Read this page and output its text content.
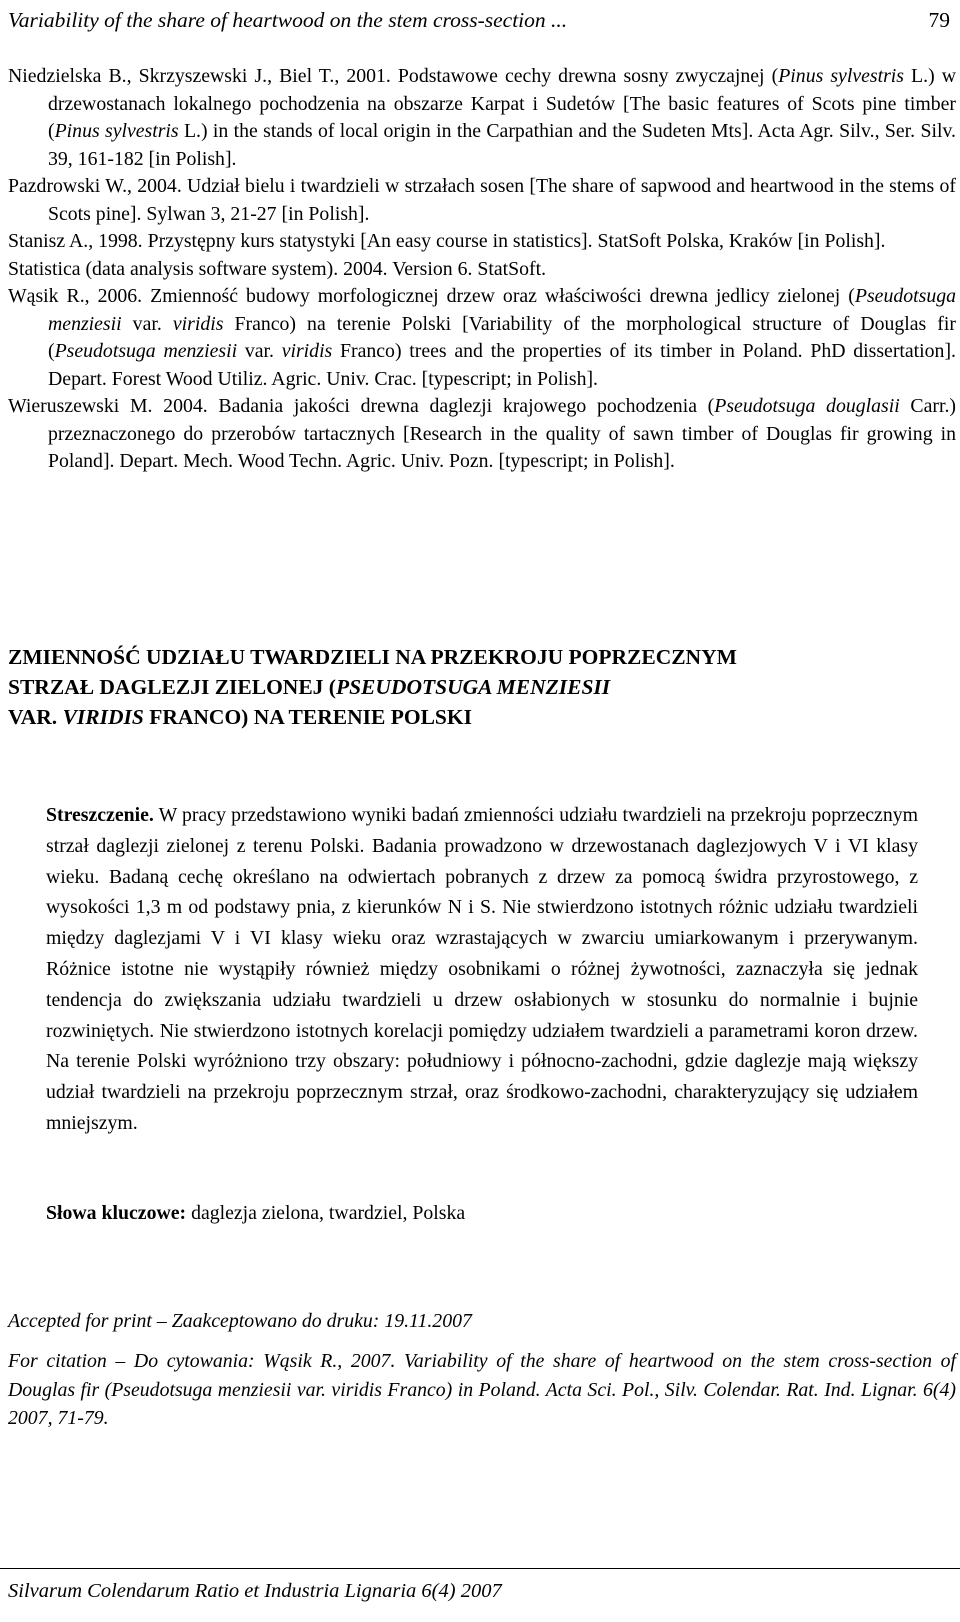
Variability of the share of heartwood on the stem cross-section ...	79
Niedzielska B., Skrzyszewski J., Biel T., 2001. Podstawowe cechy drewna sosny zwyczajnej (Pinus sylvestris L.) w drzewostanach lokalnego pochodzenia na obszarze Karpat i Sudetów [The basic features of Scots pine timber (Pinus sylvestris L.) in the stands of local origin in the Carpathian and the Sudeten Mts]. Acta Agr. Silv., Ser. Silv. 39, 161-182 [in Polish].
Pazdrowski W., 2004. Udział bielu i twardzieli w strzałach sosen [The share of sapwood and heartwood in the stems of Scots pine]. Sylwan 3, 21-27 [in Polish].
Stanisz A., 1998. Przystępny kurs statystyki [An easy course in statistics]. StatSoft Polska, Kraków [in Polish].
Statistica (data analysis software system). 2004. Version 6. StatSoft.
Wąsik R., 2006. Zmienność budowy morfologicznej drzew oraz właściwości drewna jedlicy zielonej (Pseudotsuga menziesii var. viridis Franco) na terenie Polski [Variability of the morphological structure of Douglas fir (Pseudotsuga menziesii var. viridis Franco) trees and the properties of its timber in Poland. PhD dissertation]. Depart. Forest Wood Utiliz. Agric. Univ. Crac. [typescript; in Polish].
Wieruszewski M. 2004. Badania jakości drewna daglezji krajowego pochodzenia (Pseudotsuga douglasii Carr.) przeznaczonego do przerobów tartacznych [Research in the quality of sawn timber of Douglas fir growing in Poland]. Depart. Mech. Wood Techn. Agric. Univ. Pozn. [typescript; in Polish].
ZMIENNOŚĆ UDZIAŁU TWARDZIELI NA PRZEKROJU POPRZECZNYM
STRZAŁ DAGLEZJI ZIELONEJ (PSEUDOTSUGA MENZIESII
VAR. VIRIDIS FRANCO) NA TERENIE POLSKI
Streszczenie. W pracy przedstawiono wyniki badań zmienności udziału twardzieli na przekroju poprzecznym strzał daglezji zielonej z terenu Polski. Badania prowadzono w drzewostanach daglezjowych V i VI klasy wieku. Badaną cechę określano na odwiertach pobranych z drzew za pomocą świdra przyrostowego, z wysokości 1,3 m od podstawy pnia, z kierunków N i S. Nie stwierdzono istotnych różnic udziału twardzieli między daglezjami V i VI klasy wieku oraz wzrastających w zwarciu umiarkowanym i przerywanym. Różnice istotne nie wystąpiły również między osobnikami o różnej żywotności, zaznaczyła się jednak tendencja do zwiększania udziału twardzieli u drzew osłabionych w stosunku do normalnie i bujnie rozwiniętych. Nie stwierdzono istotnych korelacji pomiędzy udziałem twardzieli a parametrami koron drzew. Na terenie Polski wyróżniono trzy obszary: południowy i północno-zachodni, gdzie daglezje mają większy udział twardzieli na przekroju poprzecznym strzał, oraz środkowo-zachodni, charakteryzujący się udziałem mniejszym.
Słowa kluczowe: daglezja zielona, twardziel, Polska
Accepted for print – Zaakceptowano do druku: 19.11.2007
For citation – Do cytowania: Wąsik R., 2007. Variability of the share of heartwood on the stem cross-section of Douglas fir (Pseudotsuga menziesii var. viridis Franco) in Poland. Acta Sci. Pol., Silv. Colendar. Rat. Ind. Lignar. 6(4) 2007, 71-79.
Silvarum Colendarum Ratio et Industria Lignaria 6(4) 2007
